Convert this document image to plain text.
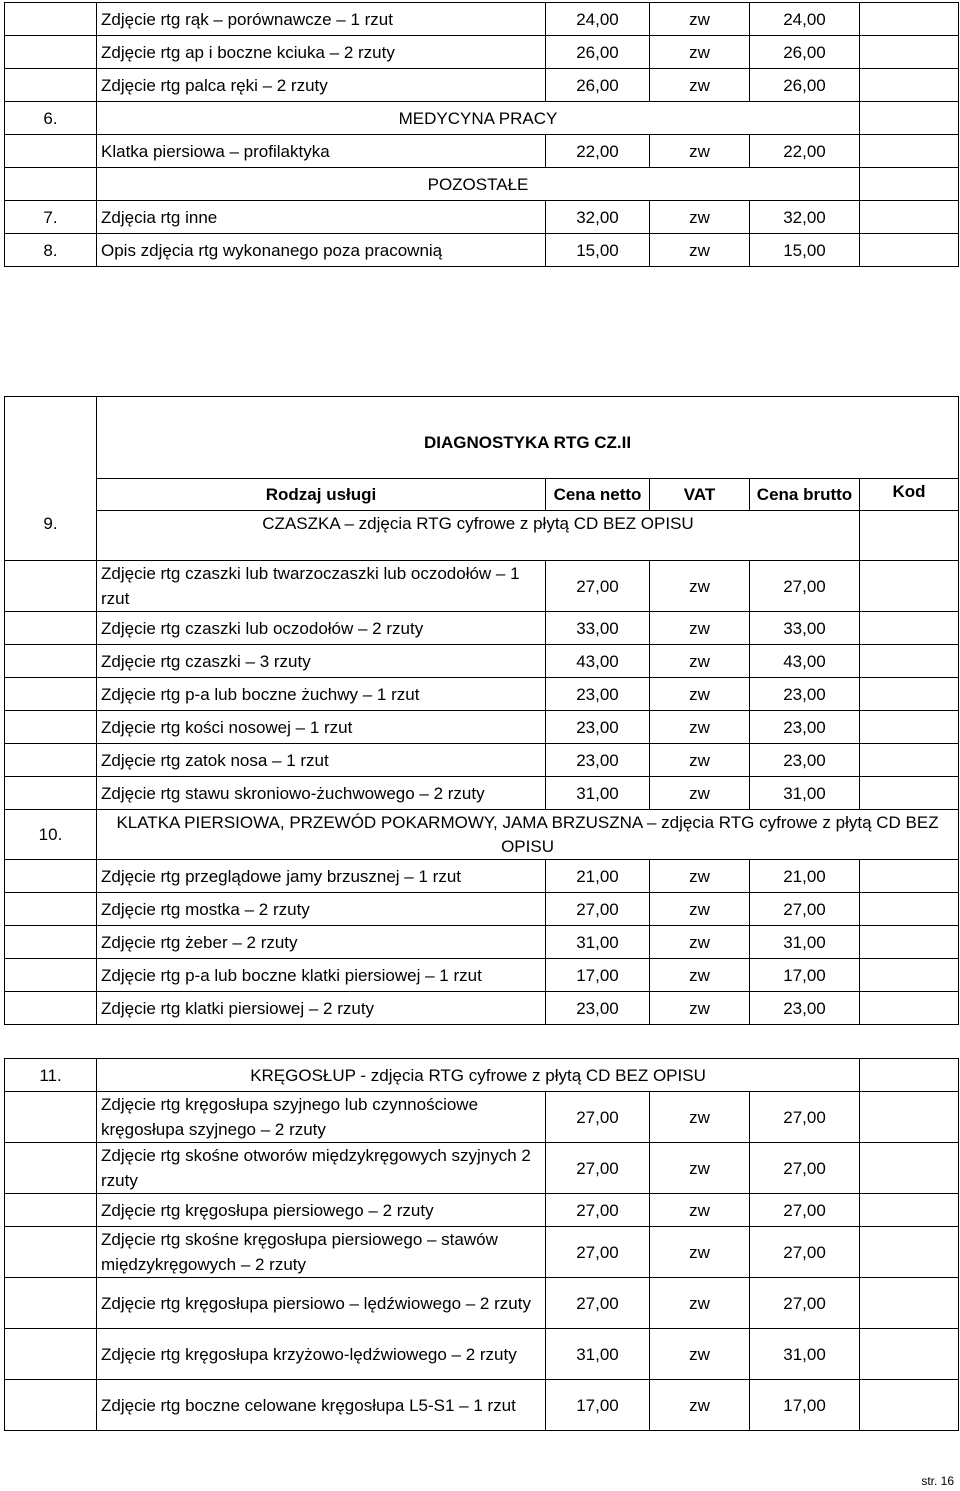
	Zdjęcie rtg rąk – porównawcze – 1 rzut	24,00	zw	24,00	
	Zdjęcie rtg ap i boczne kciuka – 2 rzuty	26,00	zw	26,00	
	Zdjęcie rtg palca ręki – 2 rzuty	26,00	zw	26,00	
6.	MEDYCYNA PRACY				
	Klatka piersiowa – profilaktyka	22,00	zw	22,00	
	POZOSTAŁE				
7.	Zdjęcia rtg inne	32,00	zw	32,00	
8.	Opis zdjęcia rtg wykonanego poza pracownią	15,00	zw	15,00	
	DIAGNOSTYKA RTG CZ.II				
	Rodzaj usługi	Cena netto	VAT	Cena brutto	Kod
9.	CZASZKA – zdjęcia RTG cyfrowe z płytą CD BEZ OPISU				
	Zdjęcie rtg czaszki lub twarzoczaszki lub oczodołów – 1 rzut	27,00	zw	27,00	
	Zdjęcie rtg czaszki lub oczodołów – 2 rzuty	33,00	zw	33,00	
	Zdjęcie rtg czaszki – 3 rzuty	43,00	zw	43,00	
	Zdjęcie rtg p-a lub boczne żuchwy – 1 rzut	23,00	zw	23,00	
	Zdjęcie rtg kości nosowej – 1 rzut	23,00	zw	23,00	
	Zdjęcie rtg zatok nosa – 1 rzut	23,00	zw	23,00	
	Zdjęcie rtg stawu skroniowo-żuchwowego – 2 rzuty	31,00	zw	31,00	
10.	KLATKA PIERSIOWA, PRZEWÓD POKARMOWY, JAMA BRZUSZNA – zdjęcia RTG cyfrowe z płytą CD BEZ OPISU				
	Zdjęcie rtg przeglądowe jamy brzusznej – 1 rzut	21,00	zw	21,00	
	Zdjęcie rtg mostka – 2 rzuty	27,00	zw	27,00	
	Zdjęcie rtg żeber – 2 rzuty	31,00	zw	31,00	
	Zdjęcie rtg p-a lub boczne klatki piersiowej – 1 rzut	17,00	zw	17,00	
	Zdjęcie rtg klatki piersiowej – 2 rzuty	23,00	zw	23,00	
11.	KRĘGOSŁUP - zdjęcia RTG cyfrowe z płytą CD BEZ OPISU				
	Zdjęcie rtg kręgosłupa szyjnego lub czynnościowe kręgosłupa szyjnego – 2 rzuty	27,00	zw	27,00	
	Zdjęcie rtg skośne otworów międzykręgowych szyjnych 2 rzuty	27,00	zw	27,00	
	Zdjęcie rtg kręgosłupa piersiowego – 2 rzuty	27,00	zw	27,00	
	Zdjęcie rtg skośne kręgosłupa piersiowego – stawów międzykręgowych – 2 rzuty	27,00	zw	27,00	
	Zdjęcie rtg kręgosłupa piersiowo – lędźwiowego – 2 rzuty	27,00	zw	27,00	
	Zdjęcie rtg kręgosłupa krzyżowo-lędźwiowego – 2 rzuty	31,00	zw	31,00	
	Zdjęcie rtg boczne celowane kręgosłupa L5-S1 – 1 rzut	17,00	zw	17,00	
str. 16
